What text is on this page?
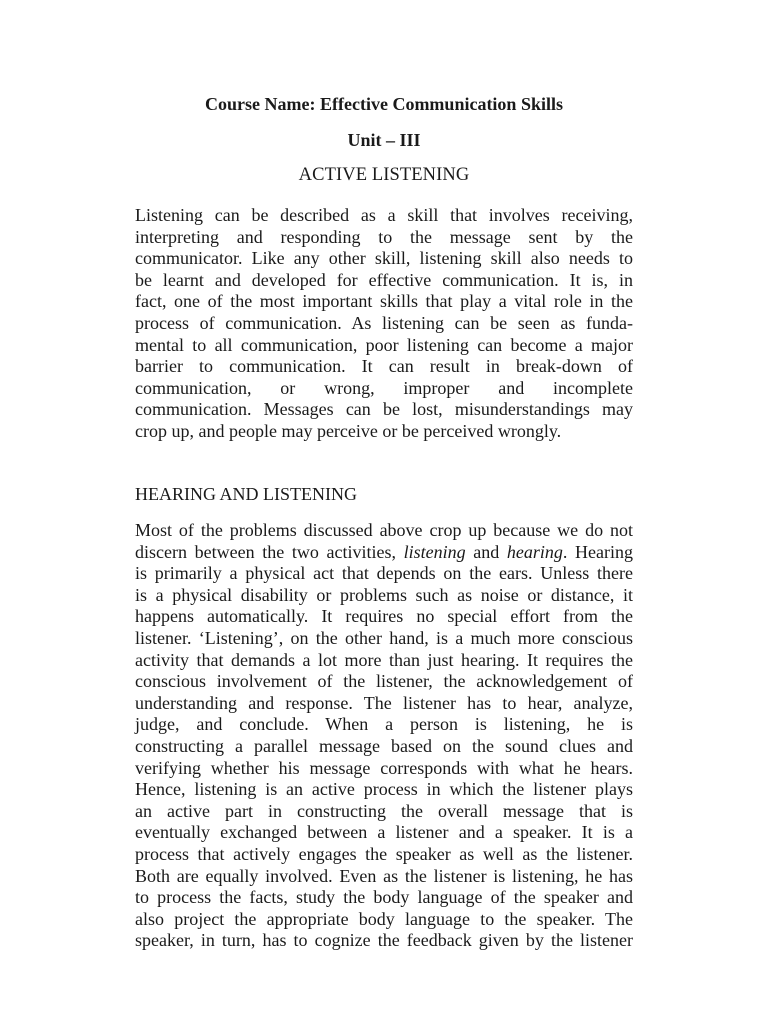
Course Name: Effective Communication Skills
Unit – III
ACTIVE LISTENING
Listening can be described as a skill that involves receiving,
interpreting and responding to the message sent by the
communicator. Like any other skill, listening skill also needs to
be learnt and developed for effective communication. It is, in
fact, one of the most important skills that play a vital role in the
process of communication. As listening can be seen as funda-
mental to all communication, poor listening can become a major
barrier to communication. It can result in break-down of
communication, or wrong, improper and incomplete
communication. Messages can be lost, misunderstandings may
crop up, and people may perceive or be perceived wrongly.
HEARING AND LISTENING
Most of the problems discussed above crop up because we do not
discern between the two activities, listening and hearing. Hearing
is primarily a physical act that depends on the ears. Unless there
is a physical disability or problems such as noise or distance, it
happens automatically. It requires no special effort from the
listener. ‘Listening’, on the other hand, is a much more conscious
activity that demands a lot more than just hearing. It requires the
conscious involvement of the listener, the acknowledgement of
understanding and response. The listener has to hear, analyze,
judge, and conclude. When a person is listening, he is
constructing a parallel message based on the sound clues and
verifying whether his message corresponds with what he hears.
Hence, listening is an active process in which the listener plays
an active part in constructing the overall message that is
eventually exchanged between a listener and a speaker. It is a
process that actively engages the speaker as well as the listener.
Both are equally involved. Even as the listener is listening, he has
to process the facts, study the body language of the speaker and
also project the appropriate body language to the speaker. The
speaker, in turn, has to cognize the feedback given by the listener
